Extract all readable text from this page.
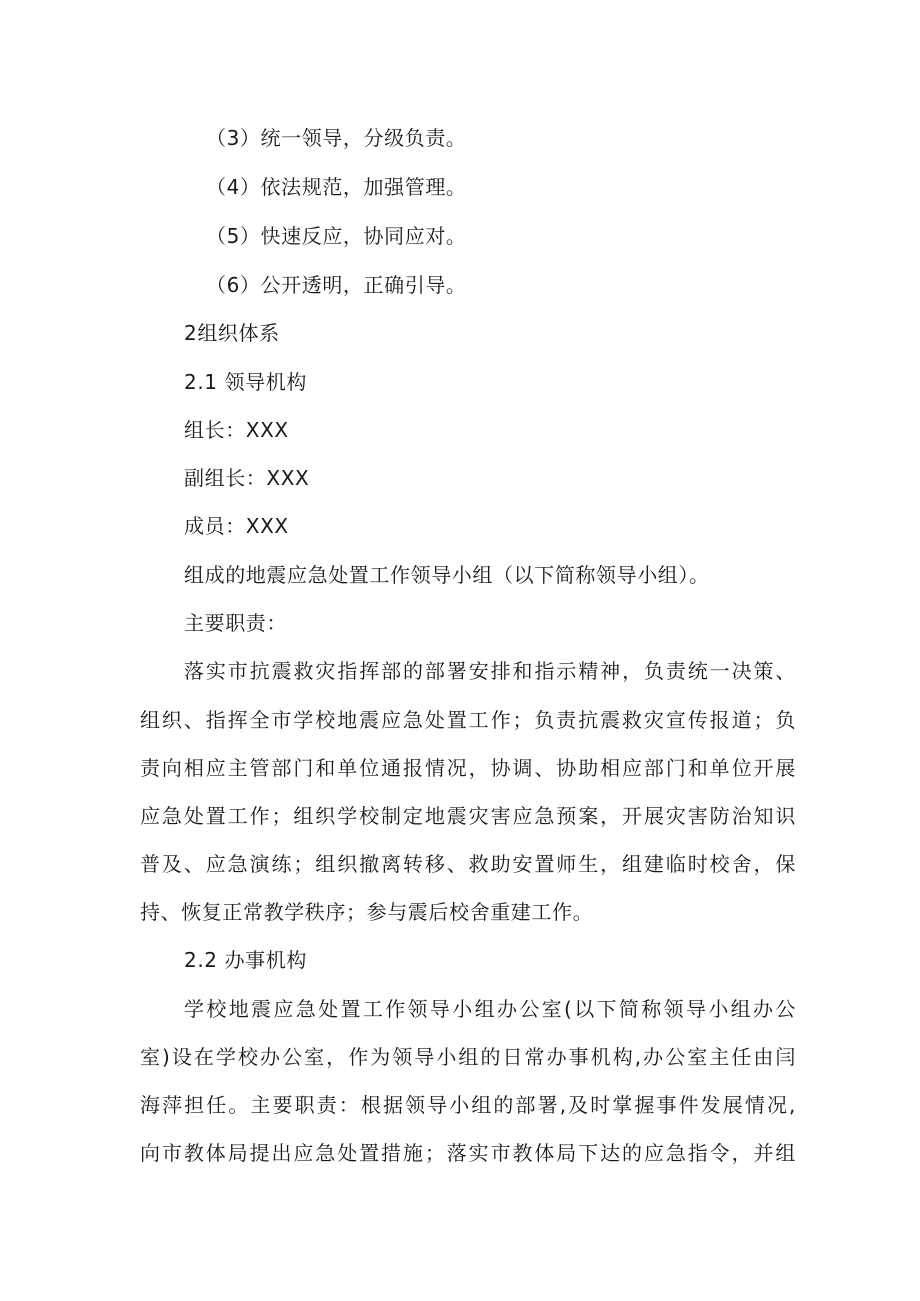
（3）统一领导，分级负责。
（4）依法规范，加强管理。
（5）快速反应，协同应对。
（6）公开透明，正确引导。
2组织体系
2.1 领导机构
组长：XXX
副组长：XXX
成员：XXX
组成的地震应急处置工作领导小组（以下简称领导小组）。
主要职责：
落实市抗震救灾指挥部的部署安排和指示精神，负责统一决策、
组织、指挥全市学校地震应急处置工作；负责抗震救灾宣传报道；负
责向相应主管部门和单位通报情况，协调、协助相应部门和单位开展
应急处置工作；组织学校制定地震灾害应急预案，开展灾害防治知识
普及、应急演练；组织撤离转移、救助安置师生，组建临时校舍，保
持、恢复正常教学秩序；参与震后校舍重建工作。
2.2 办事机构
学校地震应急处置工作领导小组办公室(以下简称领导小组办公
室)设在学校办公室，作为领导小组的日常办事机构,办公室主任由闫
海萍担任。主要职责：根据领导小组的部署,及时掌握事件发展情况,
向市教体局提出应急处置措施；落实市教体局下达的应急指令，并组
